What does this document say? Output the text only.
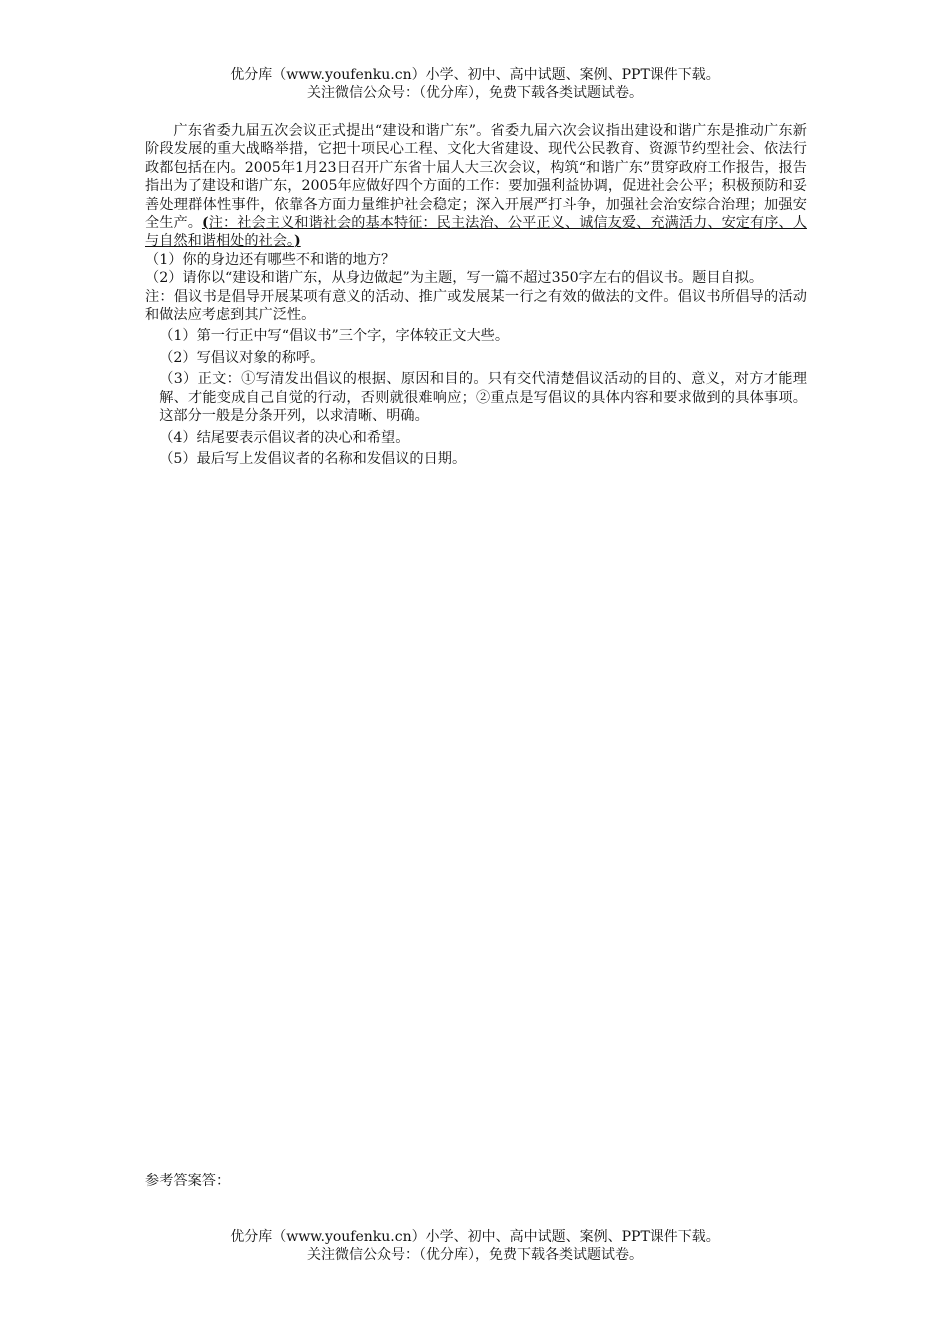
优分库（www.youfenku.cn）小学、初中、高中试题、案例、PPT课件下载。
关注微信公众号：（优分库），免费下载各类试题试卷。

广东省委九届五次会议正式提出“建设和谐广东”。省委九届六次会议指出建设和谐广东是推动广东新阶段发展的重大战略举措，它把十项民心工程、文化大省建设、现代公民教育、资源节约型社会、依法行政都包括在内。2005年1月23日召开广东省十届人大三次会议，构筑“和谐广东”贯穿政府工作报告，报告指出为了建设和谐广东，2005年应做好四个方面的工作：要加强利益协调，促进社会公平；积极预防和妥善处理群体性事件，依靠各方面力量维护社会稳定；深入开展严打斗争，加强社会治安综合治理；加强安全生产。(注：社会主义和谐社会的基本特征：民主法治、公平正义、诚信友爱、充满活力、安定有序、人与自然和谐相处的社会。)

（1）你的身边还有哪些不和谐的地方？

（2）请你以“建设和谐广东，从身边做起”为主题，写一篇不超过350字左右的倡议书。题目自拟。

注：倡议书是倡导开展某项有意义的活动、推广或发展某一行之有效的做法的文件。倡议书所倡导的活动和做法应考虑到其广泛性。

（1）第一行正中写“倡议书”三个字，字体较正文大些。

（2）写倡议对象的称呼。

（3）正文：①写清发出倡议的根据、原因和目的。只有交代清楚倡议活动的目的、意义，对方才能理解、才能变成自己自觉的行动，否则就很难响应；②重点是写倡议的具体内容和要求做到的具体事项。这部分一般是分条开列，以求清晰、明确。

（4）结尾要表示倡议者的决心和希望。

（5）最后写上发倡议者的名称和发倡议的日期。

参考答案答：
优分库（www.youfenku.cn）小学、初中、高中试题、案例、PPT课件下载。
关注微信公众号：（优分库），免费下载各类试题试卷。
